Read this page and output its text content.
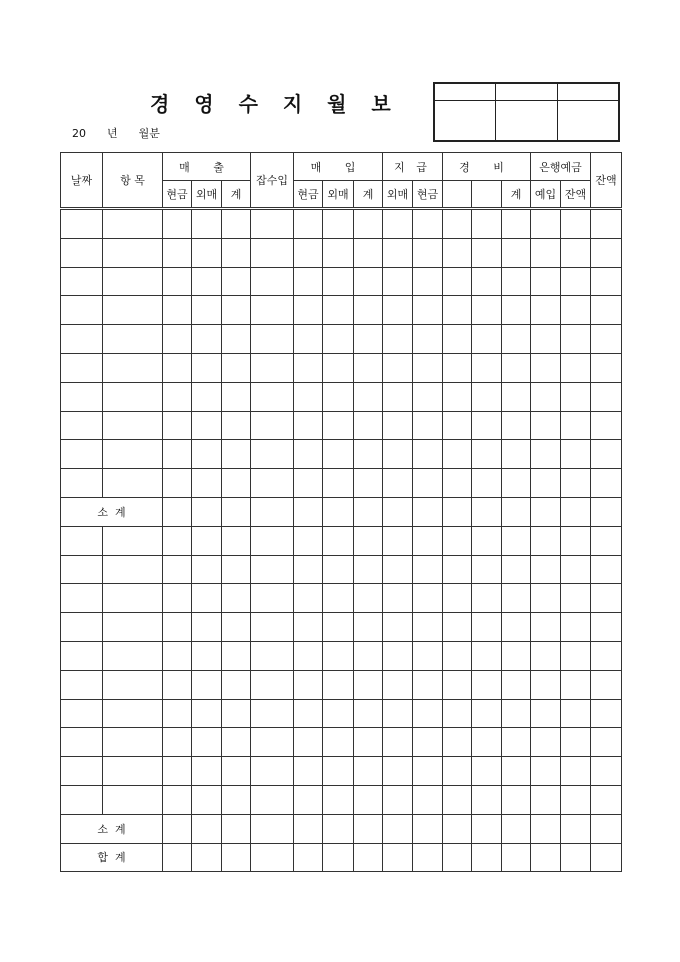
경 영 수 지 월 보
20 년 월분

날짜	항 목	매 출			잡수입	매 입			지 급		경 비			은행예금		잔액
		현금	외매	계		현금	외매	계	외매	현금			계	예입	잔액	

소  계																

소  계																
합  계																
